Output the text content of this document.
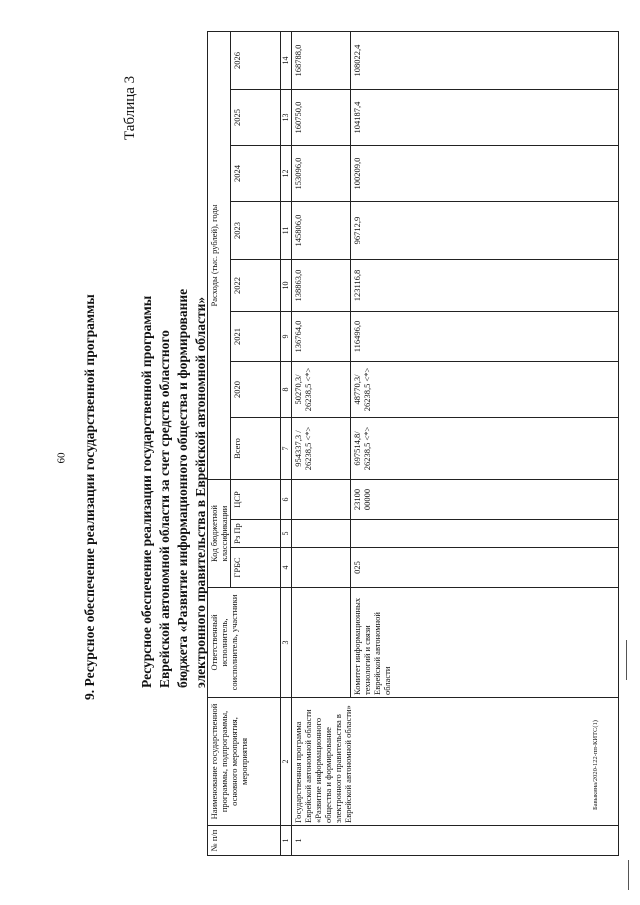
60 9. Ресурсное обеспечение реализации государственной программы
Таблица 3
Ресурсное обеспечение реализации государственной программы Еврейской автономной области за счет средств областного бюджета «Развитие информационного общества и формирование электронного правительства в Еврейской автономной области»
Бавыкина/2020-122-пп-КИТС(1)
№ п/п	Наименование государственной программы, подпрограммы, основного мероприятия, мероприятия	Ответственный исполнитель, соисполнитель, участники	Код бюджетной классификации			Расходы (тыс. рублей), годы							
			ГРБС	Рз Пр	ЦСР	Всего	2020	2021	2022	2023	2024	2025	2026
1	2	3	4	5	6	7	8	9	10	11	12	13	14
1	Государственная программа Еврейской автономной области «Развитие информационного общества и формирование электронного правительства в Еврейской автономной области»					954337,3 / 26238,5 <*>	50270,3/ 26238,5 <*>	136764,0	138863,0	145806,0	153096,0	160750,0	168788,0
		Комитет информационных технологий и связи Еврейской автономной области	025		23100 00000	697514,8/ 26238,5 <*>	48770,3/ 26238,5 <*>	116496,0	123116,8	96712,9	100209,0	104187,4	108022,4
